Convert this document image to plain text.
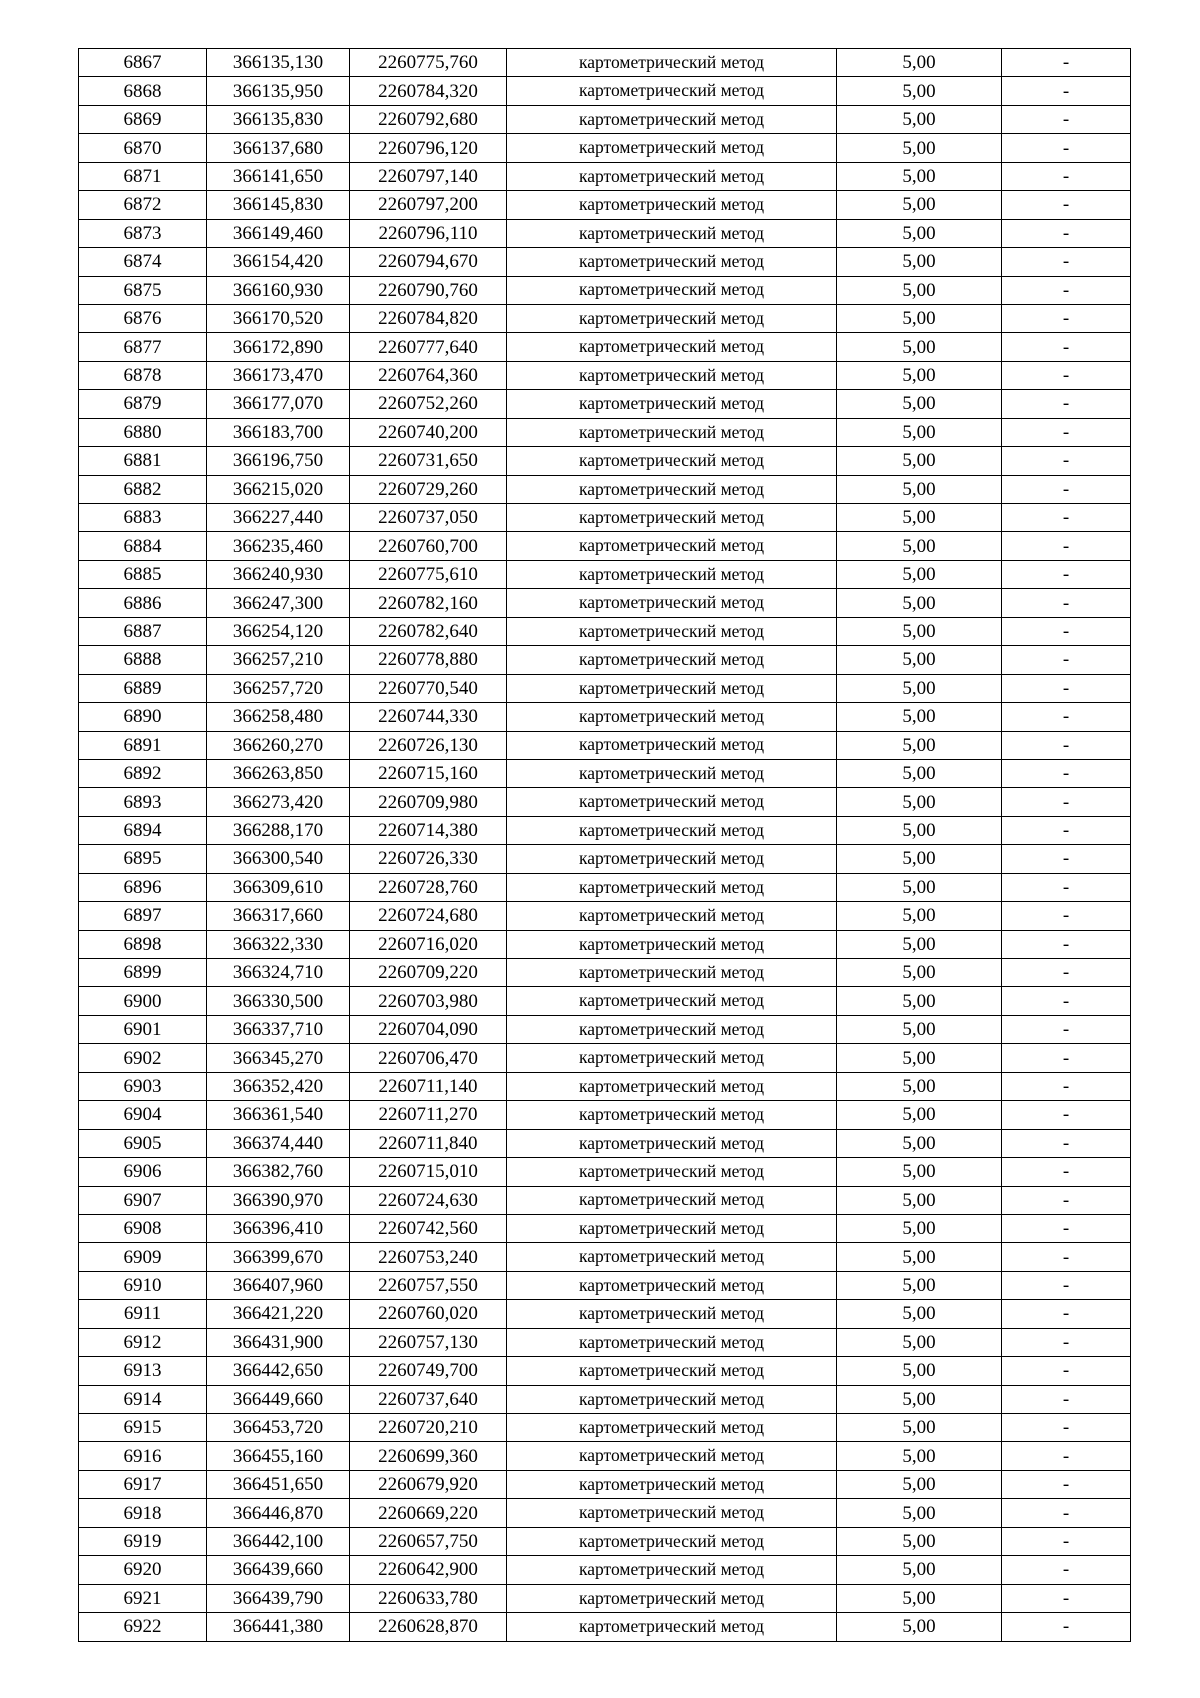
6867	366135,130	2260775,760	картометрический метод	5,00	-
6868	366135,950	2260784,320	картометрический метод	5,00	-
6869	366135,830	2260792,680	картометрический метод	5,00	-
6870	366137,680	2260796,120	картометрический метод	5,00	-
6871	366141,650	2260797,140	картометрический метод	5,00	-
6872	366145,830	2260797,200	картометрический метод	5,00	-
6873	366149,460	2260796,110	картометрический метод	5,00	-
6874	366154,420	2260794,670	картометрический метод	5,00	-
6875	366160,930	2260790,760	картометрический метод	5,00	-
6876	366170,520	2260784,820	картометрический метод	5,00	-
6877	366172,890	2260777,640	картометрический метод	5,00	-
6878	366173,470	2260764,360	картометрический метод	5,00	-
6879	366177,070	2260752,260	картометрический метод	5,00	-
6880	366183,700	2260740,200	картометрический метод	5,00	-
6881	366196,750	2260731,650	картометрический метод	5,00	-
6882	366215,020	2260729,260	картометрический метод	5,00	-
6883	366227,440	2260737,050	картометрический метод	5,00	-
6884	366235,460	2260760,700	картометрический метод	5,00	-
6885	366240,930	2260775,610	картометрический метод	5,00	-
6886	366247,300	2260782,160	картометрический метод	5,00	-
6887	366254,120	2260782,640	картометрический метод	5,00	-
6888	366257,210	2260778,880	картометрический метод	5,00	-
6889	366257,720	2260770,540	картометрический метод	5,00	-
6890	366258,480	2260744,330	картометрический метод	5,00	-
6891	366260,270	2260726,130	картометрический метод	5,00	-
6892	366263,850	2260715,160	картометрический метод	5,00	-
6893	366273,420	2260709,980	картометрический метод	5,00	-
6894	366288,170	2260714,380	картометрический метод	5,00	-
6895	366300,540	2260726,330	картометрический метод	5,00	-
6896	366309,610	2260728,760	картометрический метод	5,00	-
6897	366317,660	2260724,680	картометрический метод	5,00	-
6898	366322,330	2260716,020	картометрический метод	5,00	-
6899	366324,710	2260709,220	картометрический метод	5,00	-
6900	366330,500	2260703,980	картометрический метод	5,00	-
6901	366337,710	2260704,090	картометрический метод	5,00	-
6902	366345,270	2260706,470	картометрический метод	5,00	-
6903	366352,420	2260711,140	картометрический метод	5,00	-
6904	366361,540	2260711,270	картометрический метод	5,00	-
6905	366374,440	2260711,840	картометрический метод	5,00	-
6906	366382,760	2260715,010	картометрический метод	5,00	-
6907	366390,970	2260724,630	картометрический метод	5,00	-
6908	366396,410	2260742,560	картометрический метод	5,00	-
6909	366399,670	2260753,240	картометрический метод	5,00	-
6910	366407,960	2260757,550	картометрический метод	5,00	-
6911	366421,220	2260760,020	картометрический метод	5,00	-
6912	366431,900	2260757,130	картометрический метод	5,00	-
6913	366442,650	2260749,700	картометрический метод	5,00	-
6914	366449,660	2260737,640	картометрический метод	5,00	-
6915	366453,720	2260720,210	картометрический метод	5,00	-
6916	366455,160	2260699,360	картометрический метод	5,00	-
6917	366451,650	2260679,920	картометрический метод	5,00	-
6918	366446,870	2260669,220	картометрический метод	5,00	-
6919	366442,100	2260657,750	картометрический метод	5,00	-
6920	366439,660	2260642,900	картометрический метод	5,00	-
6921	366439,790	2260633,780	картометрический метод	5,00	-
6922	366441,380	2260628,870	картометрический метод	5,00	-
